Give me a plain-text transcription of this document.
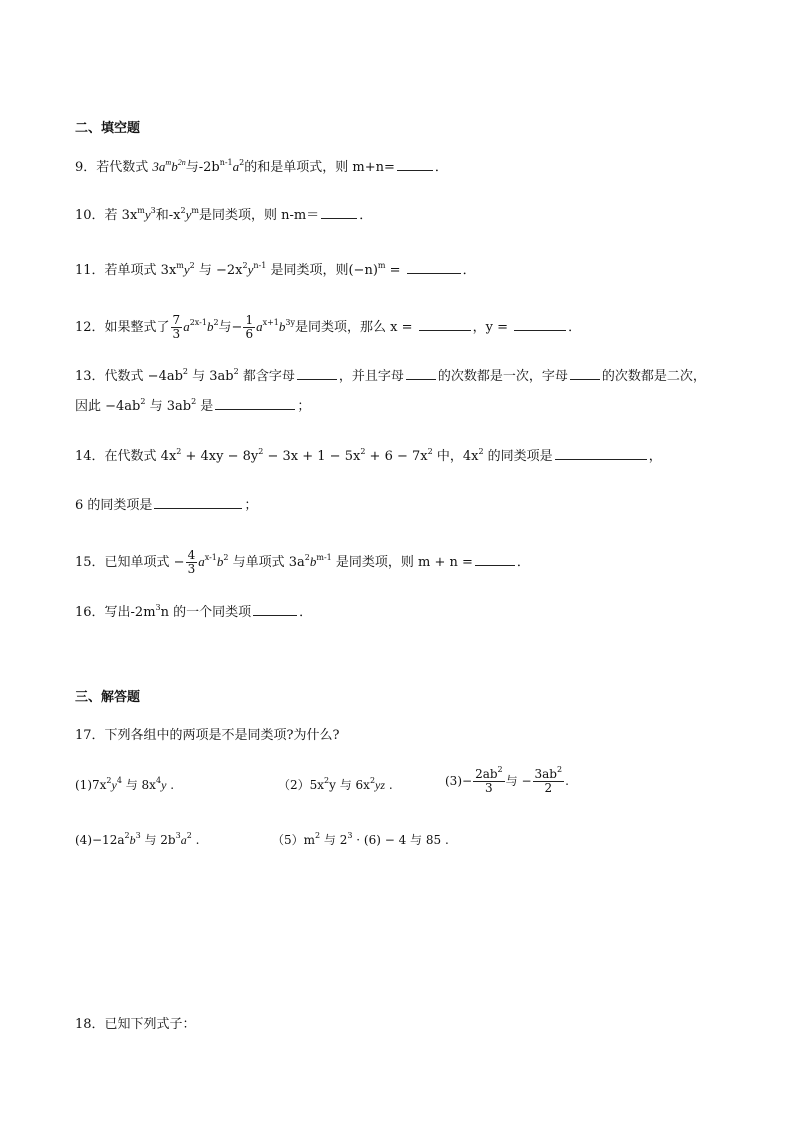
二、填空题
9．若代数式 $3a^mb^{2n}$与$-2b^{n-1}a^2$的和是单项式，则 m+n=	．
10．若 $3x^my^3$和$-x^2y^m$是同类项，则 n-m＝	．
11．若单项式 $3x^my^2$ 与 $-2x^2y^{n-1}$ 是同类项，则$(-n)^m$ =	．
12．如果整式了 $\frac{7}{3} a^{2x-1}b^2$与− $\frac{1}{6} a^{x+1}b^{3y}$是同类项，那么 x =	，y =	．
13．代数式 $-4ab^2$ 与 $3ab^2$ 都含字母	，并且字母	的次数都是一次，字母	的次数都是二次，
因此 $-4ab^2$ 与 $3ab^2$ 是	；
14．在代数式 $4x^2 + 4xy - 8y^2 - 3x + 1 - 5x^2 + 6 - 7x^2$ 中，$4x^2$ 的同类项是	，
6 的同类项是	；
15．已知单项式 − $\frac{4}{3} a^{x-1}b^2$ 与单项式 $3a^2b^{m-1}$ 是同类项，则 m + n =	．
16．写出$-2m^3n$ 的一个同类项	．
三、解答题
17．下列各组中的两项是不是同类项?为什么?
$(1)7x^2y^4$ 与 $8x^4y$ .	$(2)5x^2y$ 与 $6x^2yz$ .	$(3)- \frac{2ab^2}{3}$ 与 − $\frac{3ab^2}{2}$ .
$(4)-12a^2b^3$ 与 $2b^3a^2$ .	$(5)m^2$ 与 $2^3 \cdot (6) - 4$ 与 85 .
18．已知下列式子：
